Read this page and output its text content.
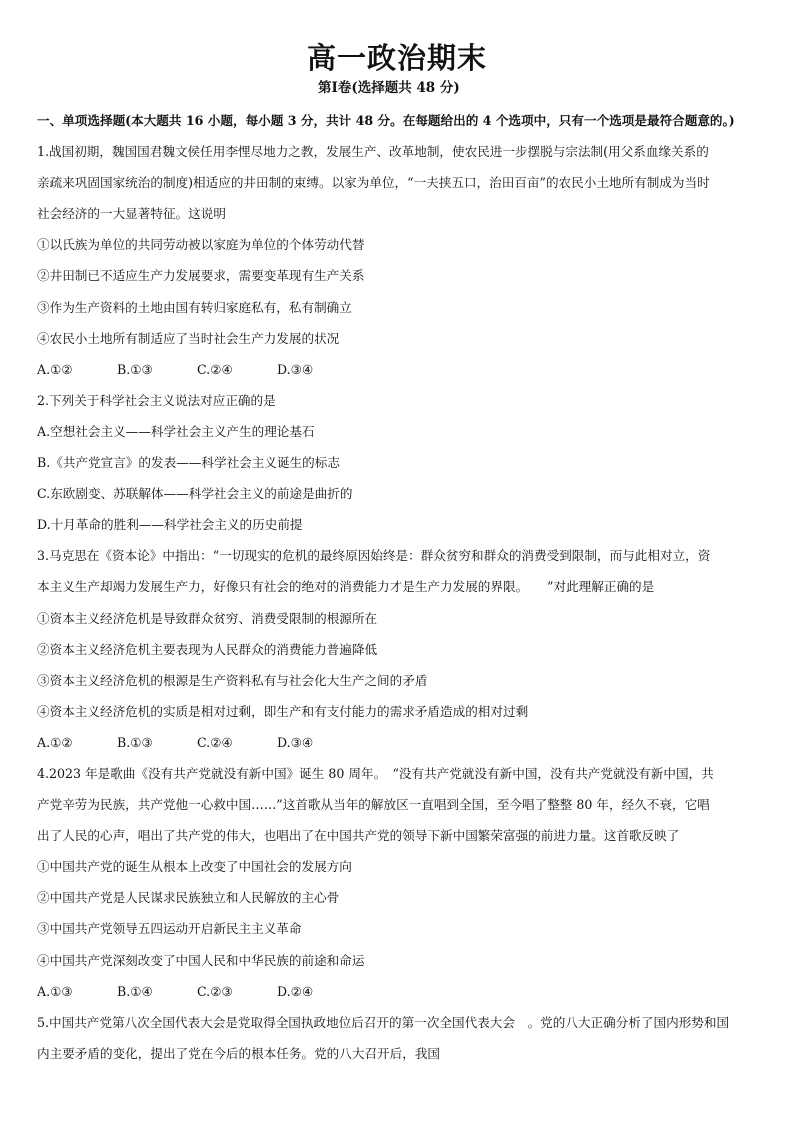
高一政治期末
第Ⅰ卷(选择题共 48 分)
一、单项选择题(本大题共 16 小题，每小题 3 分，共计 48 分。在每题给出的 4 个选项中，只有一个选项是最符合题意的。)
1.战国初期，魏国国君魏文侯任用李悝尽地力之教，发展生产、改革地制，使农民进一步摆脱与宗法制(用父系血缘关系的
亲疏来巩固国家统治的制度)相适应的井田制的束缚。以家为单位，“一夫挟五口，治田百亩”的农民小土地所有制成为当时
社会经济的一大显著特征。这说明
①以氏族为单位的共同劳动被以家庭为单位的个体劳动代替
②井田制已不适应生产力发展要求，需要变革现有生产关系
③作为生产资料的土地由国有转归家庭私有，私有制确立
④农民小土地所有制适应了当时社会生产力发展的状况
A.①②	B.①③	C.②④	D.③④
2.下列关于科学社会主义说法对应正确的是
A.空想社会主义——科学社会主义产生的理论基石
B.《共产党宣言》的发表——科学社会主义诞生的标志
C.东欧剧变、苏联解体——科学社会主义的前途是曲折的
D.十月革命的胜利——科学社会主义的历史前提
3.马克思在《资本论》中指出：“一切现实的危机的最终原因始终是：群众贫穷和群众的消费受到限制，而与此相对立，资
本主义生产却竭力发展生产力，好像只有社会的绝对的消费能力才是生产力发展的界限。　　”对此理解正确的是
①资本主义经济危机是导致群众贫穷、消费受限制的根源所在
②资本主义经济危机主要表现为人民群众的消费能力普遍降低
③资本主义经济危机的根源是生产资料私有与社会化大生产之间的矛盾
④资本主义经济危机的实质是相对过剩，即生产和有支付能力的需求矛盾造成的相对过剩
A.①②	B.①③	C.②④	D.③④
4.2023 年是歌曲《没有共产党就没有新中国》诞生 80 周年。　“没有共产党就没有新中国，没有共产党就没有新中国，共
产党辛劳为民族，共产党他一心救中国……”这首歌从当年的解放区一直唱到全国，至今唱了整整 80 年，经久不衰，它唱
出了人民的心声，唱出了共产党的伟大，也唱出了在中国共产党的领导下新中国繁荣富强的前进力量。这首歌反映了
①中国共产党的诞生从根本上改变了中国社会的发展方向
②中国共产党是人民谋求民族独立和人民解放的主心骨
③中国共产党领导五四运动开启新民主主义革命
④中国共产党深刻改变了中国人民和中华民族的前途和命运
A.①③	B.①④	C.②③	D.②④
5.中国共产党第八次全国代表大会是党取得全国执政地位后召开的第一次全国代表大会　。党的八大正确分析了国内形势和国
内主要矛盾的变化，提出了党在今后的根本任务。党的八大召开后，我国
